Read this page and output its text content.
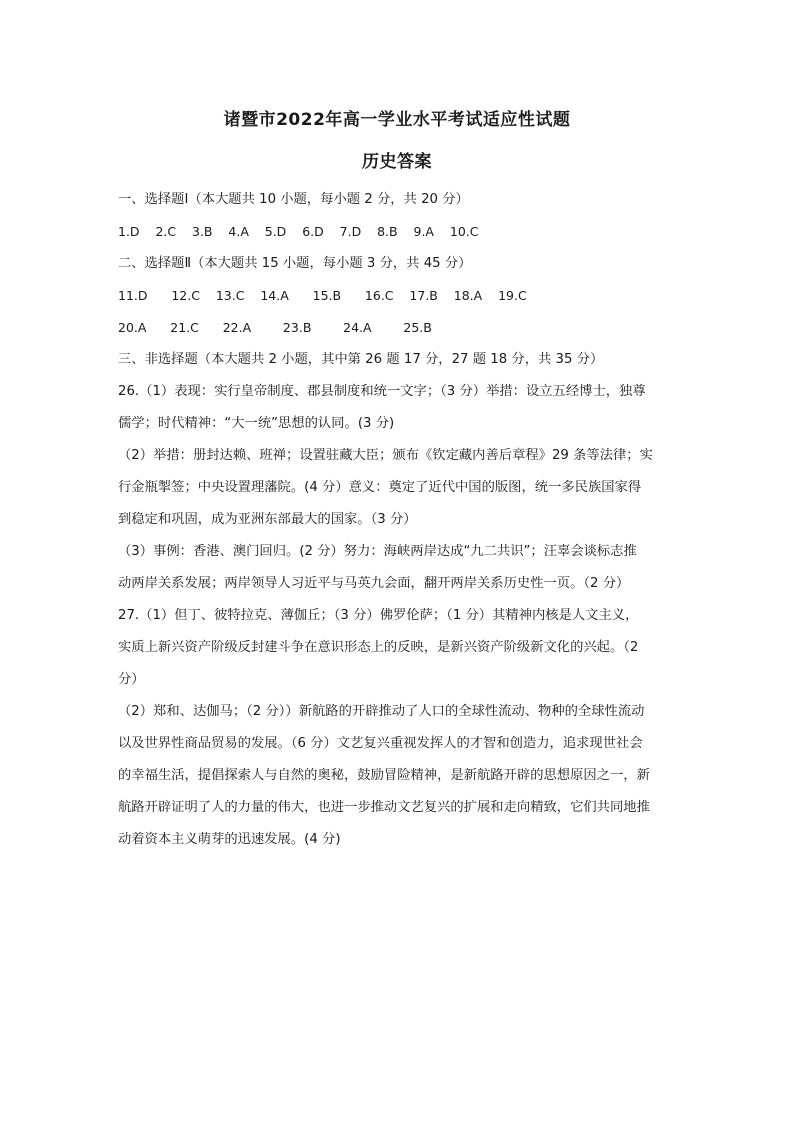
诸暨市2022年高一学业水平考试适应性试题
历史答案
一、选择题Ⅰ（本大题共 10 小题，每小题 2 分，共 20 分）
1.D    2.C    3.B    4.A    5.D    6.D    7.D    8.B    9.A    10.C
二、选择题Ⅱ（本大题共 15 小题，每小题 3 分，共 45 分）
11.D      12.C    13.C    14.A      15.B      16.C    17.B    18.A    19.C
20.A      21.C      22.A        23.B        24.A        25.B
三、非选择题（本大题共 2 小题，其中第 26 题 17 分，27 题 18 分，共 35 分）
26.（1）表现：实行皇帝制度、郡县制度和统一文字；（3 分）举措：设立五经博士，独尊
儒学；时代精神：“大一统”思想的认同。(3 分)
（2）举措：册封达赖、班禅；设置驻藏大臣；颁布《钦定藏内善后章程》29 条等法律；实
行金瓶掣签；中央设置理藩院。(4 分）意义：奠定了近代中国的版图，统一多民族国家得
到稳定和巩固，成为亚洲东部最大的国家。（3 分）
（3）事例：香港、澳门回归。(2 分）努力：海峡两岸达成“九二共识”；汪辜会谈标志推
动两岸关系发展；两岸领导人习近平与马英九会面，翻开两岸关系历史性一页。（2 分）
27.（1）但丁、彼特拉克、薄伽丘；（3 分）佛罗伦萨；（1 分）其精神内核是人文主义，
实质上新兴资产阶级反封建斗争在意识形态上的反映，是新兴资产阶级新文化的兴起。（2
分）
（2）郑和、达伽马；（2 分））新航路的开辟推动了人口的全球性流动、物种的全球性流动
以及世界性商品贸易的发展。（6 分）文艺复兴重视发挥人的才智和创造力，追求现世社会
的幸福生活，提倡探索人与自然的奥秘，鼓励冒险精神，是新航路开辟的思想原因之一，新
航路开辟证明了人的力量的伟大，也进一步推动文艺复兴的扩展和走向精致，它们共同地推
动着资本主义萌芽的迅速发展。(4 分)
